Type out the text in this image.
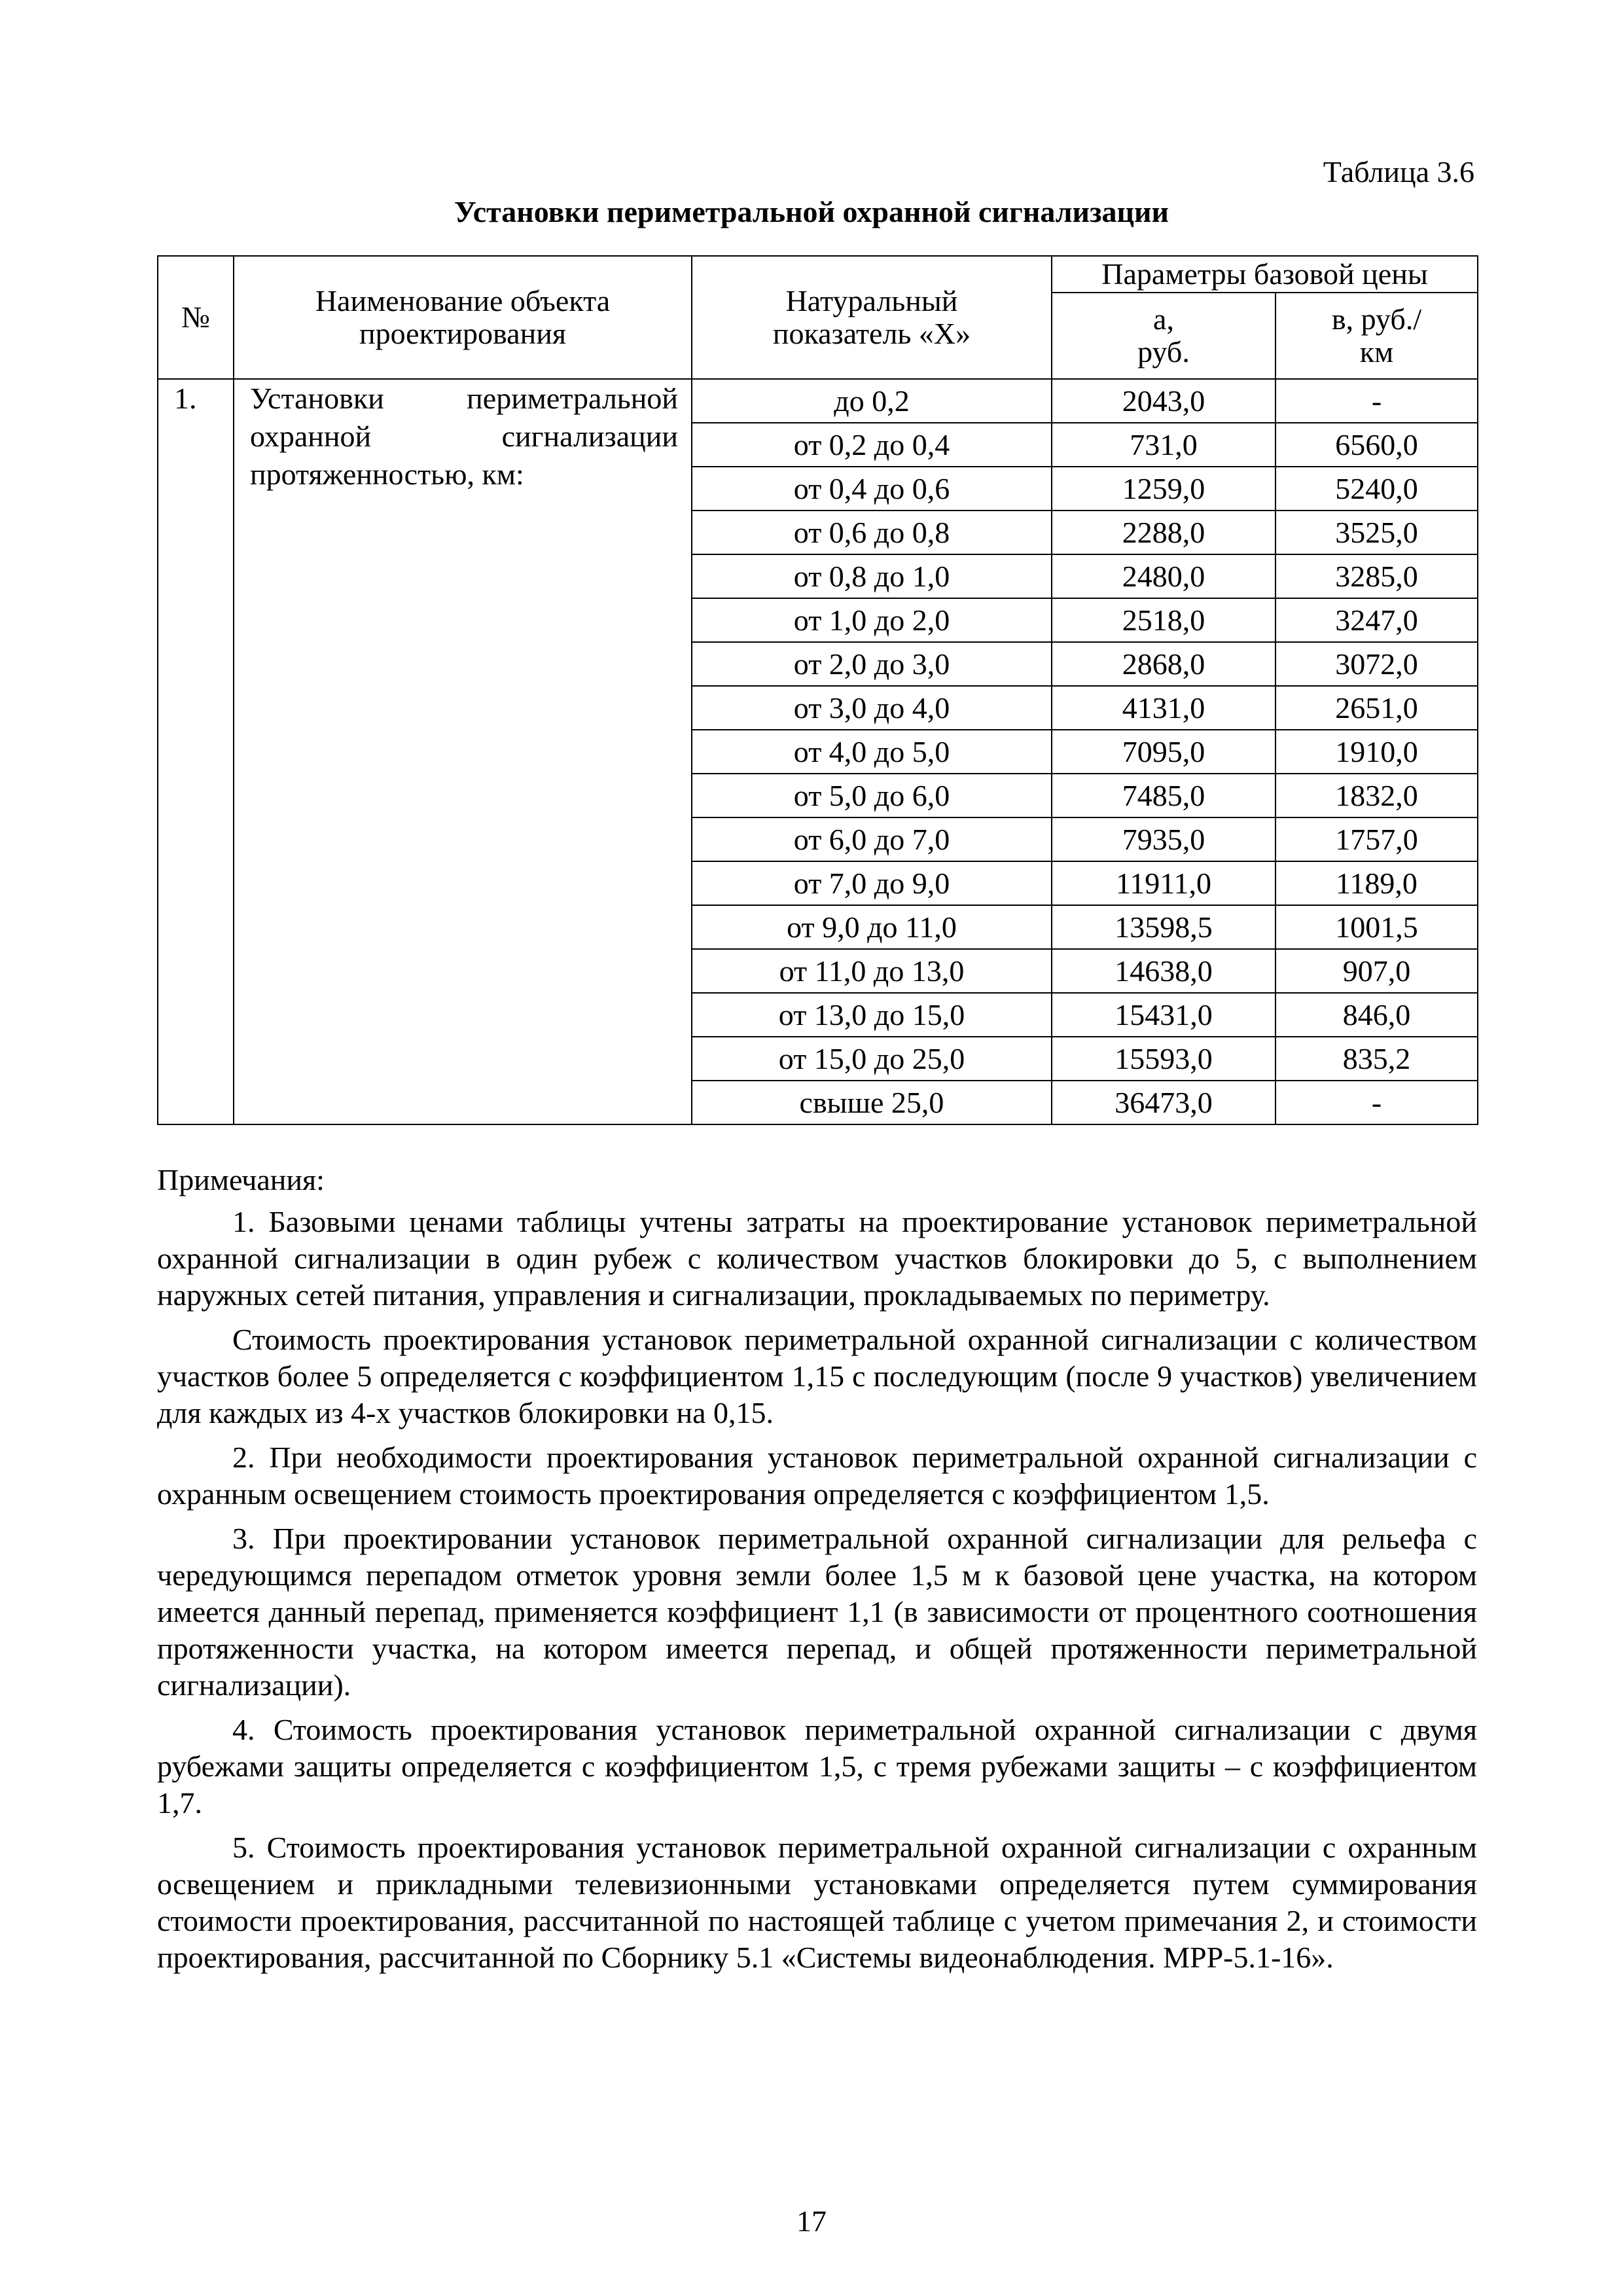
Таблица 3.6
Установки периметральной охранной сигнализации
№	Наименование объекта проектирования	Натуральный показатель «Х»	Параметры базовой цены	
			а, руб.	в, руб./км
1.	Установки периметральной охранной сигнализации протяженностью, км:	до 0,2	2043,0	-
		от 0,2 до 0,4	731,0	6560,0
		от 0,4 до 0,6	1259,0	5240,0
		от 0,6 до 0,8	2288,0	3525,0
		от 0,8 до 1,0	2480,0	3285,0
		от 1,0 до 2,0	2518,0	3247,0
		от 2,0 до 3,0	2868,0	3072,0
		от 3,0 до 4,0	4131,0	2651,0
		от 4,0 до 5,0	7095,0	1910,0
		от 5,0 до 6,0	7485,0	1832,0
		от 6,0 до 7,0	7935,0	1757,0
		от 7,0 до 9,0	11911,0	1189,0
		от 9,0 до 11,0	13598,5	1001,5
		от 11,0 до 13,0	14638,0	907,0
		от 13,0 до 15,0	15431,0	846,0
		от 15,0 до 25,0	15593,0	835,2
		свыше 25,0	36473,0	-
Примечания:

1. Базовыми ценами таблицы учтены затраты на проектирование установок периметральной охранной сигнализации в один рубеж с количеством участков блокировки до 5, с выполнением наружных сетей питания, управления и сигнализации, прокладываемых по периметру.

Стоимость проектирования установок периметральной охранной сигнализации с количеством участков более 5 определяется с коэффициентом 1,15 с последующим (после 9 участков) увеличением для каждых из 4-х участков блокировки на 0,15.

2. При необходимости проектирования установок периметральной охранной сигнализации с охранным освещением стоимость проектирования определяется с коэффициентом 1,5.

3. При проектировании установок периметральной охранной сигнализации для рельефа с чередующимся перепадом отметок уровня земли более 1,5 м к базовой цене участка, на котором имеется данный перепад, применяется коэффициент 1,1 (в зависимости от процентного соотношения протяженности участка, на котором имеется перепад, и общей протяженности периметральной сигнализации).

4. Стоимость проектирования установок периметральной охранной сигнализации с двумя рубежами защиты определяется с коэффициентом 1,5, с тремя рубежами защиты – с коэффициентом 1,7.

5. Стоимость проектирования установок периметральной охранной сигнализации с охранным освещением и прикладными телевизионными установками определяется путем суммирования стоимости проектирования, рассчитанной по настоящей таблице с учетом примечания 2, и стоимости проектирования, рассчитанной по Сборнику 5.1 «Системы видеонаблюдения. МРР-5.1-16».

17
